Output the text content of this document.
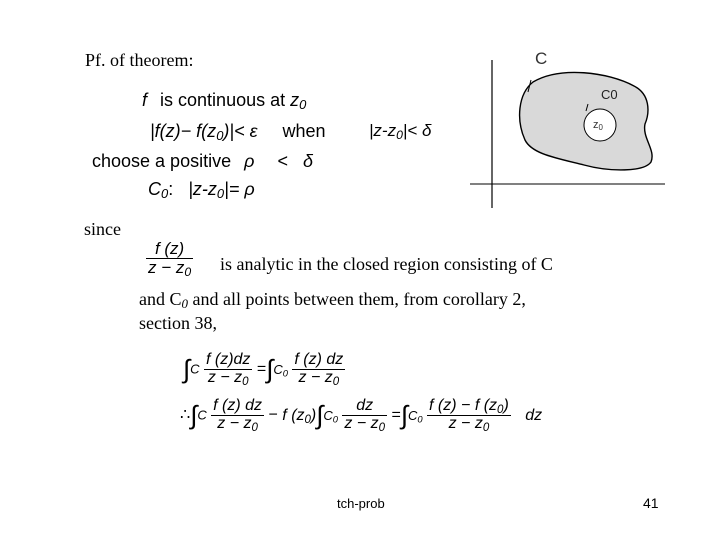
Pf. of theorem:
f is continuous at $z_0$
$|f(z)- f(z_0)|< \varepsilon$ when	$|z-z_0|< \delta$
choose a positive ρ < δ
$C_0$: $|z-z_0|= \rho$
C
C0
$z_0$
since
$\frac{f (z)}{z - z_0}$ is analytic in the closed region consisting of C
and $C_0$ and all points between them, from corollary 2,
section 38,
$\int C \frac{f (z)dz}{z - z_0} =\int C_0 \frac{f (z) dz}{z - z_0}$
∴∫C $\frac{f (z) dz}{z - z_0} - f$ $(z_0)\int C_0 \frac{dz}{z - z_0} =\int C_0 \frac{f (z) - f (z_0)}{z - z_0}$ dz
tch-prob	41
